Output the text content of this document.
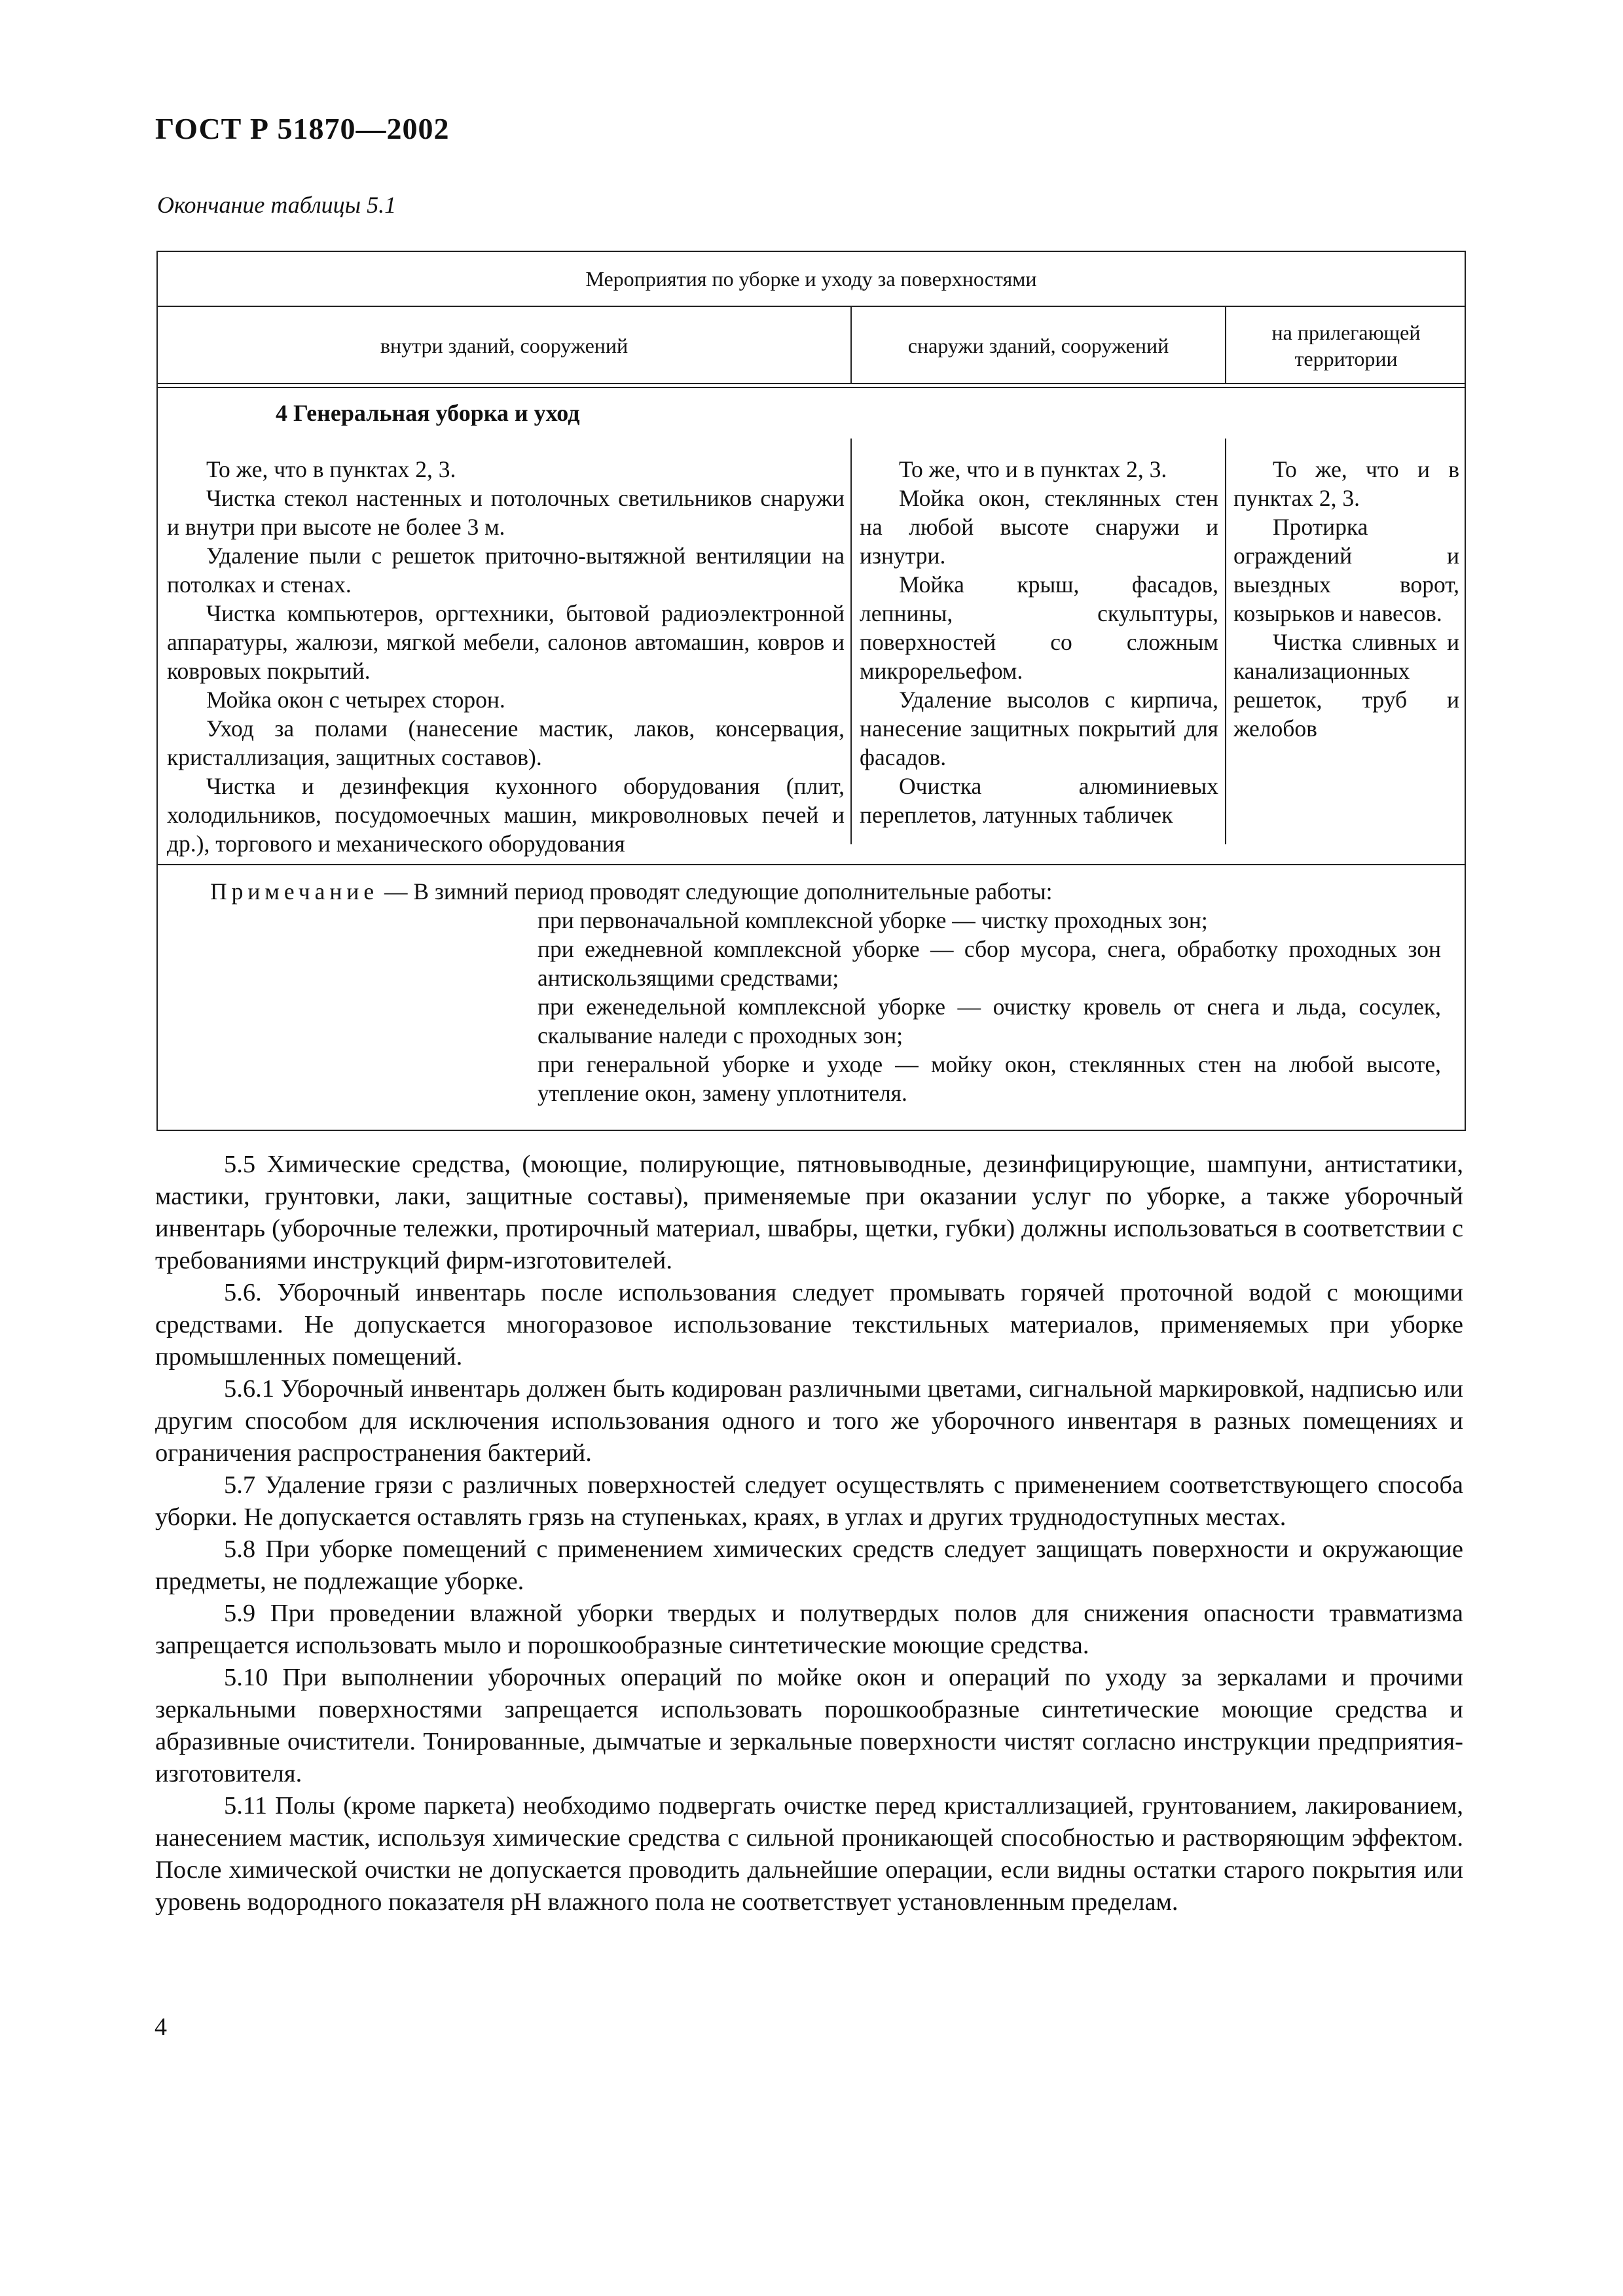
ГОСТ Р 51870—2002
Окончание таблицы 5.1
Мероприятия по уборке и уходу за поверхностями
внутри зданий, сооружений	снаружи зданий, сооружений
на прилегающей территории
4 Генеральная уборка и уход

То же, что в пунктах 2, 3.

Чистка стекол настенных и потолочных светильников снаружи и внутри при высоте не более 3 м.

Удаление пыли с решеток приточно-вытяжной вентиляции на потолках и стенах.

Чистка компьютеров, оргтехники, бытовой радиоэлектронной аппаратуры, жалюзи, мягкой мебели, салонов автомашин, ковров и ковровых покрытий.

Мойка окон с четырех сторон.

Уход за полами (нанесение мастик, лаков, консервация, кристаллизация, защитных составов).

Чистка и дезинфекция кухонного оборудования (плит, холодильников, посудомоечных машин, микроволновых печей и др.), торгового и механического оборудования

То же, что и в пунктах 2, 3.

Мойка окон, стеклянных стен на любой высоте снаружи и изнутри.

Мойка крыш, фасадов, лепнины, скульптуры, поверхностей со сложным микрорельефом.

Удаление высолов с кирпича, нанесение защитных покрытий для фасадов.

Очистка алюминиевых переплетов, латунных табличек

То же, что и в пунктах 2, 3.

Протирка ограждений и выездных ворот, козырьков и навесов.

Чистка сливных и канализационных решеток, труб и желобов

Примечание — В зимний период проводят следующие дополнительные работы:
при первоначальной комплексной уборке — чистку проходных зон;
при ежедневной комплексной уборке — сбор мусора, снега, обработку проходных зон антискользящими средствами;
при еженедельной комплексной уборке — очистку кровель от снега и льда, сосулек, скалывание наледи с проходных зон;
при генеральной уборке и уходе — мойку окон, стеклянных стен на любой высоте, утепление окон, замену уплотнителя.

5.5 Химические средства, (моющие, полирующие, пятновыводные, дезинфицирующие, шампуни, антистатики, мастики, грунтовки, лаки, защитные составы), применяемые при оказании услуг по уборке, а также уборочный инвентарь (уборочные тележки, протирочный материал, швабры, щетки, губки) должны использоваться в соответствии с требованиями инструкций фирм-изготовителей.

5.6. Уборочный инвентарь после использования следует промывать горячей проточной водой с моющими средствами. Не допускается многоразовое использование текстильных материалов, применяемых при уборке промышленных помещений.

5.6.1 Уборочный инвентарь должен быть кодирован различными цветами, сигнальной маркировкой, надписью или другим способом для исключения использования одного и того же уборочного инвентаря в разных помещениях и ограничения распространения бактерий.

5.7 Удаление грязи с различных поверхностей следует осуществлять с применением соответствующего способа уборки. Не допускается оставлять грязь на ступеньках, краях, в углах и других труднодоступных местах.

5.8 При уборке помещений с применением химических средств следует защищать поверхности и окружающие предметы, не подлежащие уборке.

5.9 При проведении влажной уборки твердых и полутвердых полов для снижения опасности травматизма запрещается использовать мыло и порошкообразные синтетические моющие средства.

5.10 При выполнении уборочных операций по мойке окон и операций по уходу за зеркалами и прочими зеркальными поверхностями запрещается использовать порошкообразные синтетические моющие средства и абразивные очистители. Тонированные, дымчатые и зеркальные поверхности чистят согласно инструкции предприятия-изготовителя.

5.11 Полы (кроме паркета) необходимо подвергать очистке перед кристаллизацией, грунтованием, лакированием, нанесением мастик, используя химические средства с сильной проникающей способностью и растворяющим эффектом. После химической очистки не допускается проводить дальнейшие операции, если видны остатки старого покрытия или уровень водородного показателя pH влажного пола не соответствует установленным пределам.

4
